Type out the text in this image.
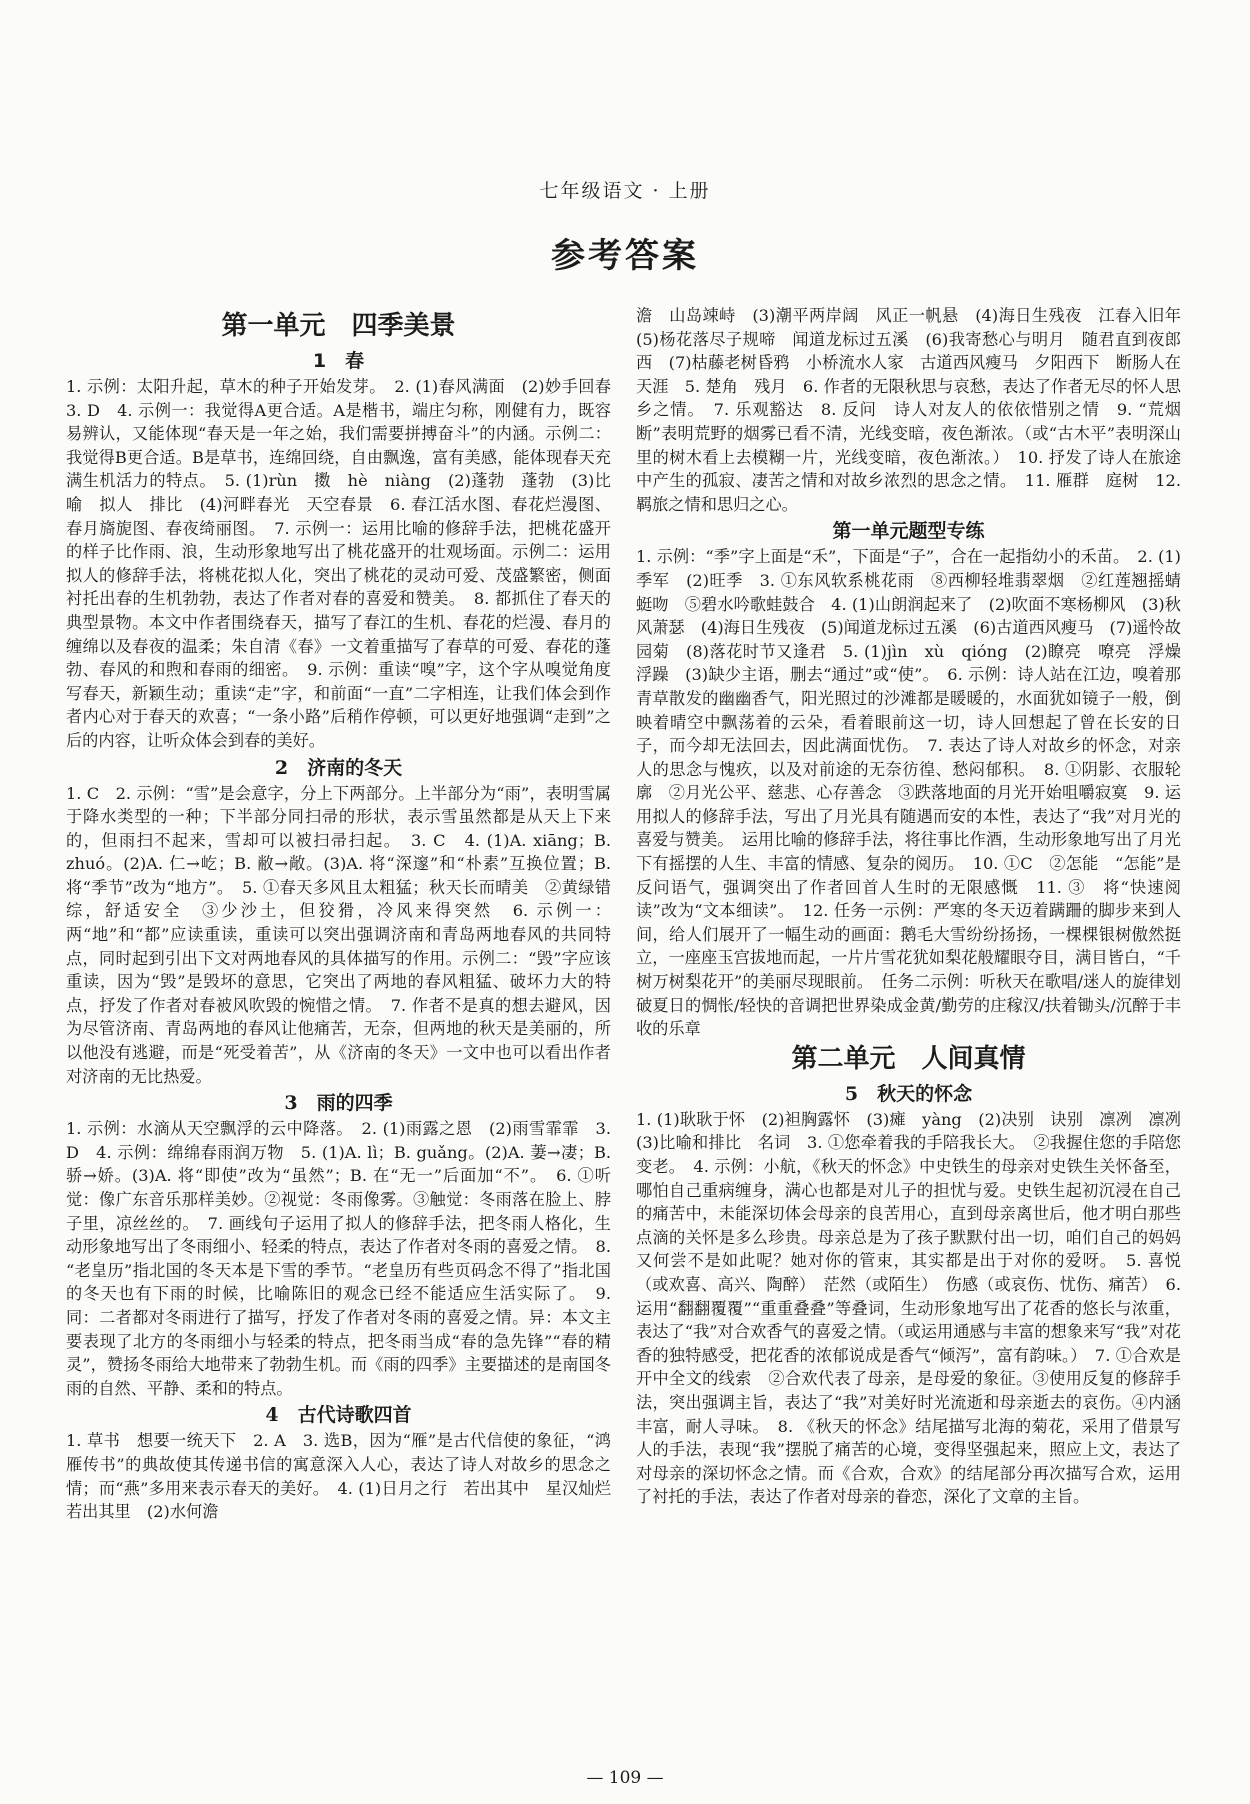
七年级语文 · 上册
参考答案
第一单元　四季美景
1　春

1. 示例：太阳升起，草木的种子开始发芽。　2. (1)春风满面　(2)妙手回春　3. D　4. 示例一：我觉得A更合适。A是楷书，端庄匀称，刚健有力，既容易辨认，又能体现“春天是一年之始，我们需要拼搏奋斗”的内涵。示例二：我觉得B更合适。B是草书，连绵回绕，自由飘逸，富有美感，能体现春天充满生机活力的特点。　5. (1)rùn　擞　hè　niàng　(2)蓬勃　蓬勃　(3)比喻　拟人　排比　(4)河畔春光　天空春景　6. 春江活水图、春花烂漫图、春月旖旎图、春夜绮丽图。　7. 示例一：运用比喻的修辞手法，把桃花盛开的样子比作雨、浪，生动形象地写出了桃花盛开的壮观场面。示例二：运用拟人的修辞手法，将桃花拟人化，突出了桃花的灵动可爱、茂盛繁密，侧面衬托出春的生机勃勃，表达了作者对春的喜爱和赞美。　8. 都抓住了春天的典型景物。本文中作者围绕春天，描写了春江的生机、春花的烂漫、春月的缠绵以及春夜的温柔；朱自清《春》一文着重描写了春草的可爱、春花的蓬勃、春风的和煦和春雨的细密。　9. 示例：重读“嗅”字，这个字从嗅觉角度写春天，新颖生动；重读“走”字，和前面“一直”二字相连，让我们体会到作者内心对于春天的欢喜；“一条小路”后稍作停顿，可以更好地强调“走到”之后的内容，让听众体会到春的美好。

2　济南的冬天

1. C　2. 示例：“雪”是会意字，分上下两部分。上半部分为“雨”，表明雪属于降水类型的一种；下半部分同扫帚的形状，表示雪虽然都是从天上下来的，但雨扫不起来，雪却可以被扫帚扫起。　3. C　4. (1)A. xiāng；B. zhuó。(2)A. 仁→屹；B. 敝→敞。(3)A. 将“深邃”和“朴素”互换位置；B. 将“季节”改为“地方”。　5. ①春天多风且太粗猛；秋天长而晴美　②黄绿错综，舒适安全　③少沙土，但狡猾，冷风来得突然　6. 示例一：两“地”和“都”应读重读，重读可以突出强调济南和青岛两地春风的共同特点，同时起到引出下文对两地春风的具体描写的作用。示例二：“毁”字应该重读，因为“毁”是毁坏的意思，它突出了两地的春风粗猛、破坏力大的特点，抒发了作者对春被风吹毁的惋惜之情。　7. 作者不是真的想去避风，因为尽管济南、青岛两地的春风让他痛苦，无奈，但两地的秋天是美丽的，所以他没有逃避，而是“死受着苦”，从《济南的冬天》一文中也可以看出作者对济南的无比热爱。

3　雨的四季

1. 示例：水滴从天空飘浮的云中降落。　2. (1)雨露之恩　(2)雨雪霏霏　3. D　4. 示例：绵绵春雨润万物　5. (1)A. lì；B. guǎng。(2)A. 萋→凄；B. 骄→娇。(3)A. 将“即使”改为“虽然”；B. 在“无一”后面加“不”。　6. ①听觉：像广东音乐那样美妙。②视觉：冬雨像雾。③触觉：冬雨落在脸上、脖子里，凉丝丝的。　7. 画线句子运用了拟人的修辞手法，把冬雨人格化，生动形象地写出了冬雨细小、轻柔的特点，表达了作者对冬雨的喜爱之情。　8. “老皇历”指北国的冬天本是下雪的季节。“老皇历有些页码念不得了”指北国的冬天也有下雨的时候，比喻陈旧的观念已经不能适应生活实际了。　9. 同：二者都对冬雨进行了描写，抒发了作者对冬雨的喜爱之情。异：本文主要表现了北方的冬雨细小与轻柔的特点，把冬雨当成“春的急先锋”“春的精灵”，赞扬冬雨给大地带来了勃勃生机。而《雨的四季》主要描述的是南国冬雨的自然、平静、柔和的特点。

4　古代诗歌四首

1. 草书　想要一统天下　2. A　3. 选B，因为“雁”是古代信使的象征，“鸿雁传书”的典故使其传递书信的寓意深入人心，表达了诗人对故乡的思念之情；而“燕”多用来表示春天的美好。　4. (1)日月之行　若出其中　星汉灿烂　若出其里　(2)水何澹

澹　山岛竦峙　(3)潮平两岸阔　风正一帆悬　(4)海日生残夜　江春入旧年　(5)杨花落尽子规啼　闻道龙标过五溪　(6)我寄愁心与明月　随君直到夜郎西　(7)枯藤老树昏鸦　小桥流水人家　古道西风瘦马　夕阳西下　断肠人在天涯　5. 楚角　残月　6. 作者的无限秋思与哀愁，表达了作者无尽的怀人思乡之情。　7. 乐观豁达　8. 反问　诗人对友人的依依惜别之情　9. “荒烟断”表明荒野的烟雾已看不清，光线变暗，夜色渐浓。（或“古木平”表明深山里的树木看上去模糊一片，光线变暗，夜色渐浓。）　10. 抒发了诗人在旅途中产生的孤寂、凄苦之情和对故乡浓烈的思念之情。　11. 雁群　庭树　12. 羁旅之情和思归之心。

第一单元题型专练

1. 示例：“季”字上面是“禾”，下面是“子”，合在一起指幼小的禾苗。　2. (1)季军　(2)旺季　3. ①东风软系桃花雨　⑧西柳轻堆翡翠烟　②红莲翘摇蜻蜓吻　⑤碧水吟歌蛙鼓合　4. (1)山朗润起来了　(2)吹面不寒杨柳风　(3)秋风萧瑟　(4)海日生残夜　(5)闻道龙标过五溪　(6)古道西风瘦马　(7)遥怜故园菊　(8)落花时节又逢君　5. (1)jìn　xù　qióng　(2)瞭亮　嘹亮　浮燥　浮躁　(3)缺少主语，删去“通过”或“使”。　6. 示例：诗人站在江边，嗅着那青草散发的幽幽香气，阳光照过的沙滩都是暖暖的，水面犹如镜子一般，倒映着晴空中飘荡着的云朵，看着眼前这一切，诗人回想起了曾在长安的日子，而今却无法回去，因此满面忧伤。　7. 表达了诗人对故乡的怀念，对亲人的思念与愧疚，以及对前途的无奈彷徨、愁闷郁积。　8. ①阴影、衣服轮廓　②月光公平、慈悲、心存善念　③跌落地面的月光开始咀嚼寂寞　9. 运用拟人的修辞手法，写出了月光具有随遇而安的本性，表达了“我”对月光的喜爱与赞美。　运用比喻的修辞手法，将往事比作酒，生动形象地写出了月光下有摇摆的人生、丰富的情感、复杂的阅历。　10. ①C　②怎能　“怎能”是反问语气，强调突出了作者回首人生时的无限感慨　11. ③　将“快速阅读”改为“文本细读”。　12. 任务一示例：严寒的冬天迈着蹒跚的脚步来到人间，给人们展开了一幅生动的画面：鹅毛大雪纷纷扬扬，一棵棵银树傲然挺立，一座座玉宫拔地而起，一片片雪花犹如梨花般耀眼夺目，满目皆白，“千树万树梨花开”的美丽尽现眼前。　任务二示例：听秋天在歌唱/迷人的旋律划破夏日的惆怅/轻快的音调把世界染成金黄/勤劳的庄稼汉/扶着锄头/沉醉于丰收的乐章

第二单元　人间真情
5　秋天的怀念

1. (1)耿耿于怀　(2)袒胸露怀　(3)瘫　yàng　(2)决别　诀别　凛冽　凛冽　(3)比喻和排比　名词　3. ①您牵着我的手陪我长大。　②我握住您的手陪您变老。　4. 示例：小航，《秋天的怀念》中史铁生的母亲对史铁生关怀备至，哪怕自己重病缠身，满心也都是对儿子的担忧与爱。史铁生起初沉浸在自己的痛苦中，未能深切体会母亲的良苦用心，直到母亲离世后，他才明白那些点滴的关怀是多么珍贵。母亲总是为了孩子默默付出一切，咱们自己的妈妈又何尝不是如此呢？她对你的管束，其实都是出于对你的爱呀。　5. 喜悦（或欢喜、高兴、陶醉）　茫然（或陌生）　伤感（或哀伤、忧伤、痛苦）　6. 运用“翻翻覆覆”“重重叠叠”等叠词，生动形象地写出了花香的悠长与浓重，表达了“我”对合欢香气的喜爱之情。（或运用通感与丰富的想象来写“我”对花香的独特感受，把花香的浓郁说成是香气“倾泻”，富有韵味。）　7. ①合欢是开中全文的线索　②合欢代表了母亲，是母爱的象征。③使用反复的修辞手法，突出强调主旨，表达了“我”对美好时光流逝和母亲逝去的哀伤。④内涵丰富，耐人寻味。　8. 《秋天的怀念》结尾描写北海的菊花，采用了借景写人的手法，表现“我”摆脱了痛苦的心境，变得坚强起来，照应上文，表达了对母亲的深切怀念之情。而《合欢，合欢》的结尾部分再次描写合欢，运用了衬托的手法，表达了作者对母亲的眷恋，深化了文章的主旨。

— 109 —
